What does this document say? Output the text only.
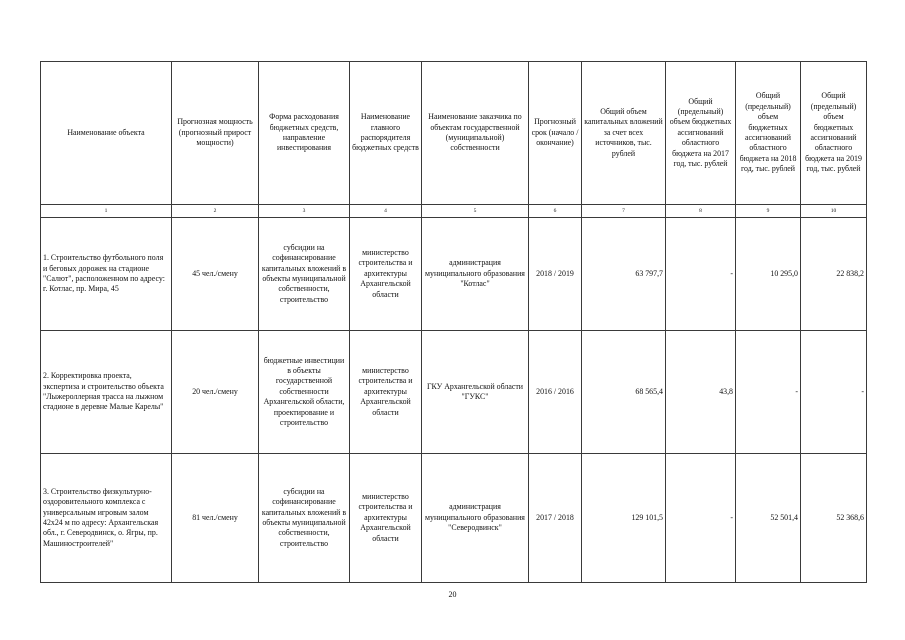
Наименование объекта	Прогнозная мощность (прогнозный прирост мощности)	Форма расходования бюджетных средств, направление инвестирования	Наименование главного распорядителя бюджетных средств	Наименование заказчика по объектам государственной (муниципальной) собственности	Прогнозный срок (начало / окончание)	Общий объем капитальных вложений за счет всех источников, тыс. рублей	Общий (предельный) объем бюджетных ассигнований областного бюджета на 2017 год, тыс. рублей	Общий (предельный) объем бюджетных ассигнований областного бюджета на 2018 год, тыс. рублей	Общий (предельный) объем бюджетных ассигнований областного бюджета на 2019 год, тыс. рублей
1	2	3	4	5	6	7	8	9	10
1. Строительство футбольного поля и беговых дорожек на стадионе "Салют", расположенном по адресу: г. Котлас, пр. Мира, 45	45 чел./смену	субсидии на софинансирование капитальных вложений в объекты муниципальной собственности, строительство	министерство строительства и архитектуры Архангельской области	администрация муниципального образования "Котлас"	2018 / 2019	63 797,7	-	10 295,0	22 838,2
2. Корректировка проекта, экспертиза и строительство объекта "Лыжероллерная трасса на лыжном стадионе в деревне Малые Карелы"	20 чел./смену	бюджетные инвестиции в объекты государственной собственности Архангельской области, проектирование и строительство	министерство строительства и архитектуры Архангельской области	ГКУ Архангельской области "ГУКС"	2016 / 2016	68 565,4	43,8	-	-
3. Строительство физкультурно-оздоровительного комплекса с универсальным игровым залом 42х24 м по адресу: Архангельская обл., г. Северодвинск, о. Ягры, пр. Машиностроителей"	81 чел./смену	субсидии на софинансирование капитальных вложений в объекты муниципальной собственности, строительство	министерство строительства и архитектуры Архангельской области	администрация муниципального образования "Северодвинск"	2017 / 2018	129 101,5	-	52 501,4	52 368,6
20
